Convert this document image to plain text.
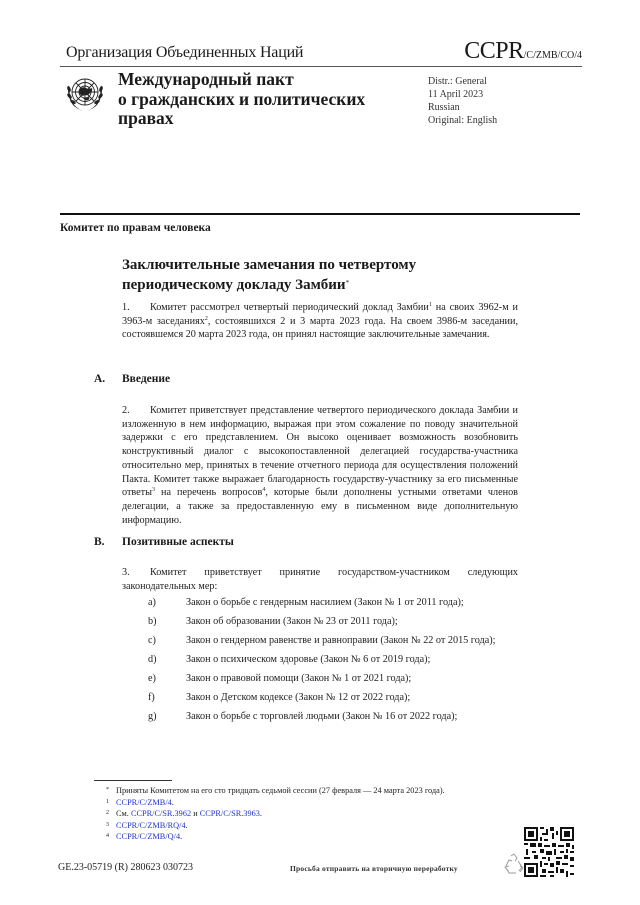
Организация Объединенных Наций	CCPR/C/ZMB/CO/4
Международный пакт
о гражданских и политических
правах
Distr.: General
11 April 2023
Russian
Original: English
Комитет по правам человека
Заключительные замечания по четвертому
периодическому докладу Замбии*
1. Комитет рассмотрел четвертый периодический доклад Замбии$^1$ на своих 3962-м и 3963-м заседаниях$^2$, состоявшихся 2 и 3 марта 2023 года. На своем 3986-м заседании, состоявшемся 20 марта 2023 года, он принял настоящие заключительные замечания.
A. Введение
2. Комитет приветствует представление четвертого периодического доклада Замбии и изложенную в нем информацию, выражая при этом сожаление по поводу значительной задержки с его представлением. Он высоко оценивает возможность возобновить конструктивный диалог с высокопоставленной делегацией государства-участника относительно мер, принятых в течение отчетного периода для осуществления положений Пакта. Комитет также выражает благодарность государству-участнику за его письменные ответы$^3$ на перечень вопросов$^4$, которые были дополнены устными ответами членов делегации, а также за предоставленную ему в письменном виде дополнительную информацию.
B. Позитивные аспекты
3. Комитет приветствует принятие государством-участником следующих законодательных мер:
a)	Закон о борьбе с гендерным насилием (Закон № 1 от 2011 года);
b)	Закон об образовании (Закон № 23 от 2011 года);
c)	Закон о гендерном равенстве и равноправии (Закон № 22 от 2015 года);
d)	Закон о психическом здоровье (Закон № 6 от 2019 года);
e)	Закон о правовой помощи (Закон № 1 от 2021 года);
f)	Закон о Детском кодексе (Закон № 12 от 2022 года);
g)	Закон о борьбе с торговлей людьми (Закон № 16 от 2022 года);
* Приняты Комитетом на его сто тридцать седьмой сессии (27 февраля — 24 марта 2023 года).
1 CCPR/C/ZMB/4.
2 См. CCPR/C/SR.3962 и CCPR/C/SR.3963.
3 CCPR/C/ZMB/RQ/4.
4 CCPR/C/ZMB/Q/4.
GE.23-05719 (R) 280623 030723	Просьба отправить на вторичную переработку
